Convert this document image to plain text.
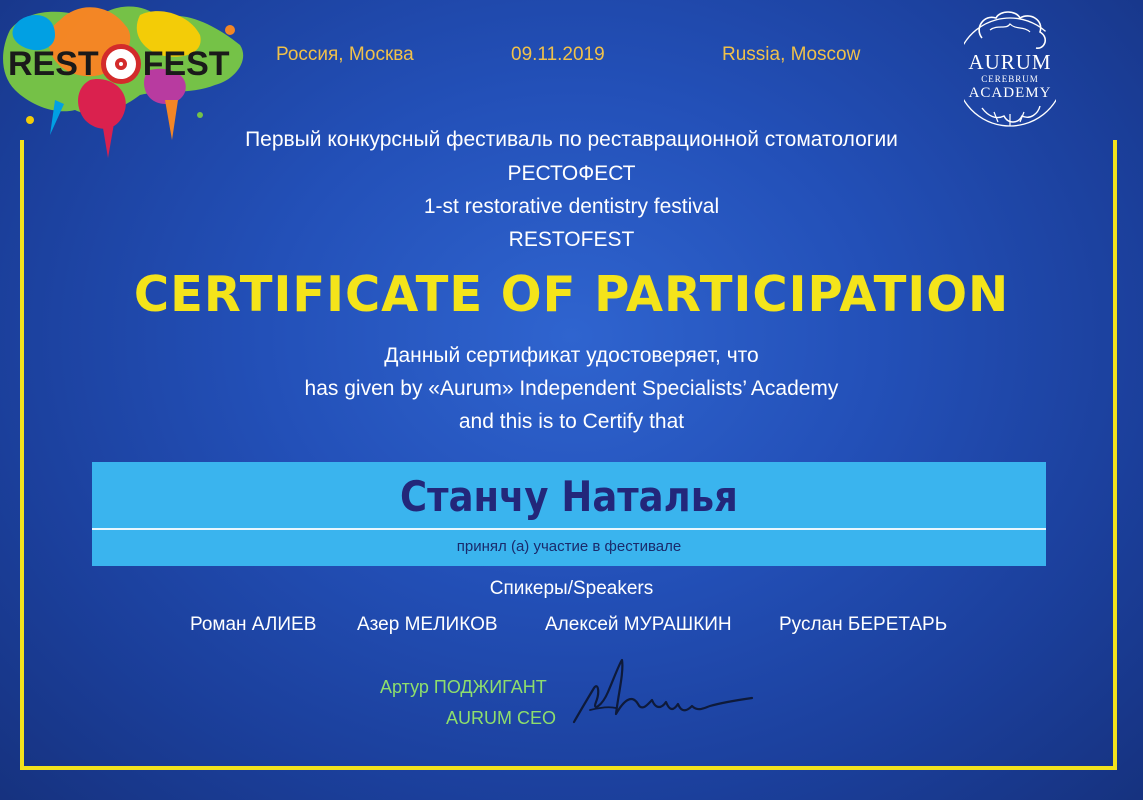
REST FEST Россия, Москва	09.11.2019	Russia, Moscow	AURUM
CEREBRUM
ACADEMY
Первый конкурсный фестиваль по реставрационной стоматологии
РЕСТОФЕСТ
1-st restorative dentistry festival
RESTOFEST
CERTIFICATE OF PARTICIPATION
Данный сертификат удостоверяет, что
has given by «Aurum» Independent Specialists’ Academy
and this is to Certify that
Станчу Наталья
принял (а) участие в фестивале
Спикеры/Speakers
Роман АЛИЕВ Азер МЕЛИКОВ Алексей МУРАШКИН Руслан БЕРЕТАРЬ
Артур ПОДЖИГАНТ
AURUM CEO
